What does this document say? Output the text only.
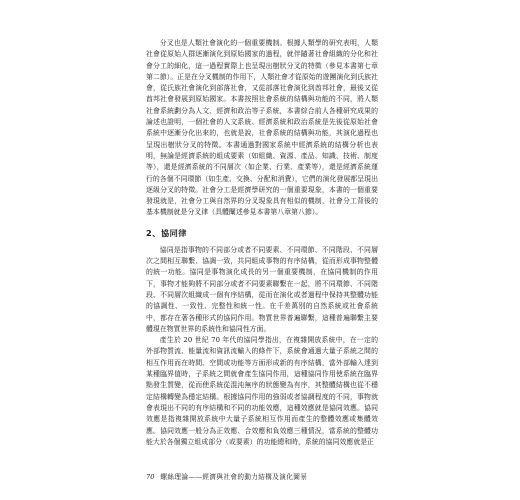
分叉也是人類社會演化的一個重要機制。根據人類學的研究表明，人類社會從原始人群逐漸演化到原始國家的過程，就伴隨著社會組織的分化和社會分工的細化，這一過程實際上也呈現出樹狀分叉的特徵（參見本書第七章第二節）。正是在分叉機制的作用下，人類社會才從原始的遊團演化到氏族社會，從氏族社會演化到部落社會，又從部落社會演化到酋邦社會，最後又從酋邦社會發展到原始國家。本書按照社會系統的結構與功能的不同，將人類社會系統劃分為人文、經濟和政治等子系統，本書綜合前人各種研究成果的論述也證明，一個社會的人文系統、經濟系統和政治系統是先後從原始社會系統中逐漸分化出來的，也就是說，社會系統的結構與功能，其演化過程也呈現出樹狀分叉的特徵。本書通過對國家系統中經濟系統的結構分析也表明，無論是經濟系統的組成要素（如組織、資源、產品、知識、技術、制度等），還是經濟系統的不同層次（如企業、行業、產業等），還是經濟系統運行的各個不同環節（如生產、交換、分配和消費），它們的演化發展都呈現出逐級分叉的特徵。社會分工是經濟學研究的一個重要現象，本書的一個重要發現就是，社會分工與自然界的分叉現象具有相似的機制，社會分工背後的基本機制就是分叉律（具體闡述參見本書第八章第八節）。

2、協同律

協同是指事物的不同部分或者不同要素、不同環節、不同階段、不同層次之間相互聯繫、協調一致，共同組成事物的有序結構，從而形成事物整體的統一功能。協同是事物演化成長的另一個重要機制，在協同機制的作用下，事物才能夠將不同部分或者不同要素聯繫在一起，將不同環節、不同階段、不同層次組織成一個有序結構，從而在演化或者過程中保持其整體功能的協調性、一致性、完整性和統一性。在千差萬別的自然系統或社會系統中，都存在著各種形式的協同作用。物質世界普遍聯繫，這種普遍聯繫主要體現在物質世界的系統性和協同性方面。

產生於 20 世紀 70 年代的協同學指出，在複雜開放系統中，在一定的外部物質流、能量流和資訊流輸入的條件下，系統會通過大量子系統之間的相互作用而在時間、空間或功能等方面形成新的有序結構，當外部輸入達到某種臨界值時，子系統之間就會產生協同作用，這種協同作用使系統在臨界點發生質變，從而使系統從混沌無序的狀態變為有序，其整體結構也從不穩定結構轉變為穩定結構。根據協同作用的強弱或者協調程度的不同，事物就會表現出不同的有序結構和不同的功能效應，這種效應就是協同效應。協同效應是指複雜開放系統中大量子系統相互作用而產生的整體效應或集體效應。協同效應一般分為正效應、合效應和負效應三種情況，當系統的整體功能大於各個獨立組成部分（或要素）的功能總和時，系統的協同效應就是正

70 螺絲理論——經濟與社會的動力結構及演化圖景
